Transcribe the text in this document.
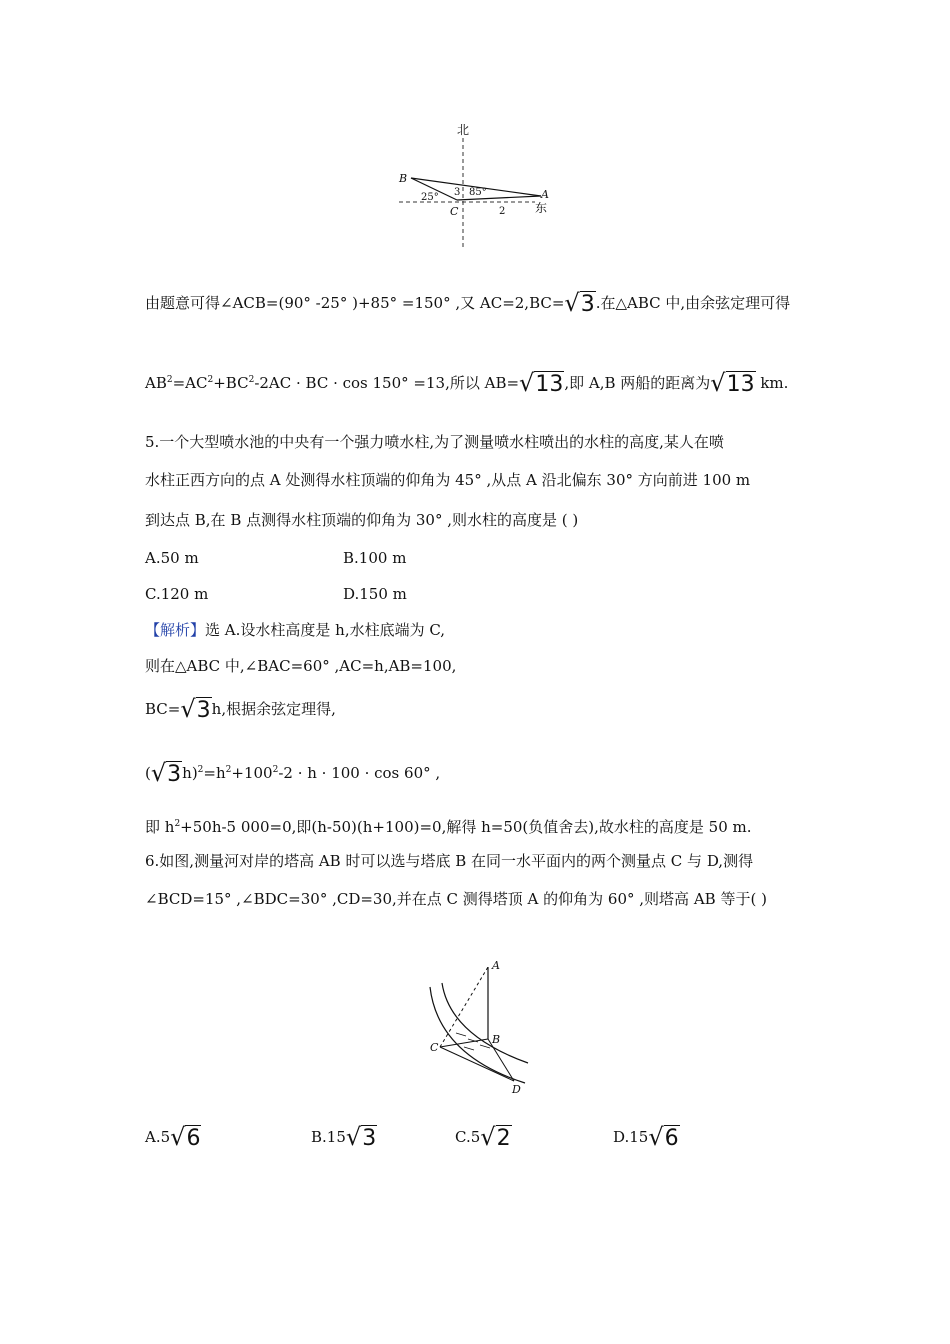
北
东
B
A
C
25° 3 85°
2
由题意可得∠ACB=(90° -25° )+85° =150° ,又 AC=2,BC=√3.在△ABC 中,由余弦定理可得
$AB^2=AC^2+BC^2-2AC$ · BC · cos 150° =13,所以 AB=√13,即 A,B 两船的距离为√13 km.
5.一个大型喷水池的中央有一个强力喷水柱,为了测量喷水柱喷出的水柱的高度,某人在喷
水柱正西方向的点 A 处测得水柱顶端的仰角为 45° ,从点 A 沿北偏东 30° 方向前进 100 m
到达点 B,在 B 点测得水柱顶端的仰角为 30° ,则水柱的高度是 ( )
A.50 m	B.100 m
C.120 m	D.150 m
【解析】选 A.设水柱高度是 h,水柱底端为 C,
则在△ABC 中,∠BAC=60° ,AC=h,AB=100,
BC=√3h,根据余弦定理得,
$(√3h)^2=h^2+100^2-2 \cdot h \cdot 100 \cdot \cos 60^\circ$ ,
即 $h^2+50h-5$ 000=0,即(h-50)(h+100)=0,解得 h=50(负值舍去),故水柱的高度是 50 m.
6.如图,测量河对岸的塔高 AB 时可以选与塔底 B 在同一水平面内的两个测量点 C 与 D,测得
∠BCD=15° ,∠BDC=30° ,CD=30,并在点 C 测得塔顶 A 的仰角为 60° ,则塔高 AB 等于( )
A
B
C
D
A.5√6	B.15√3	C.5√2	D.15√6
